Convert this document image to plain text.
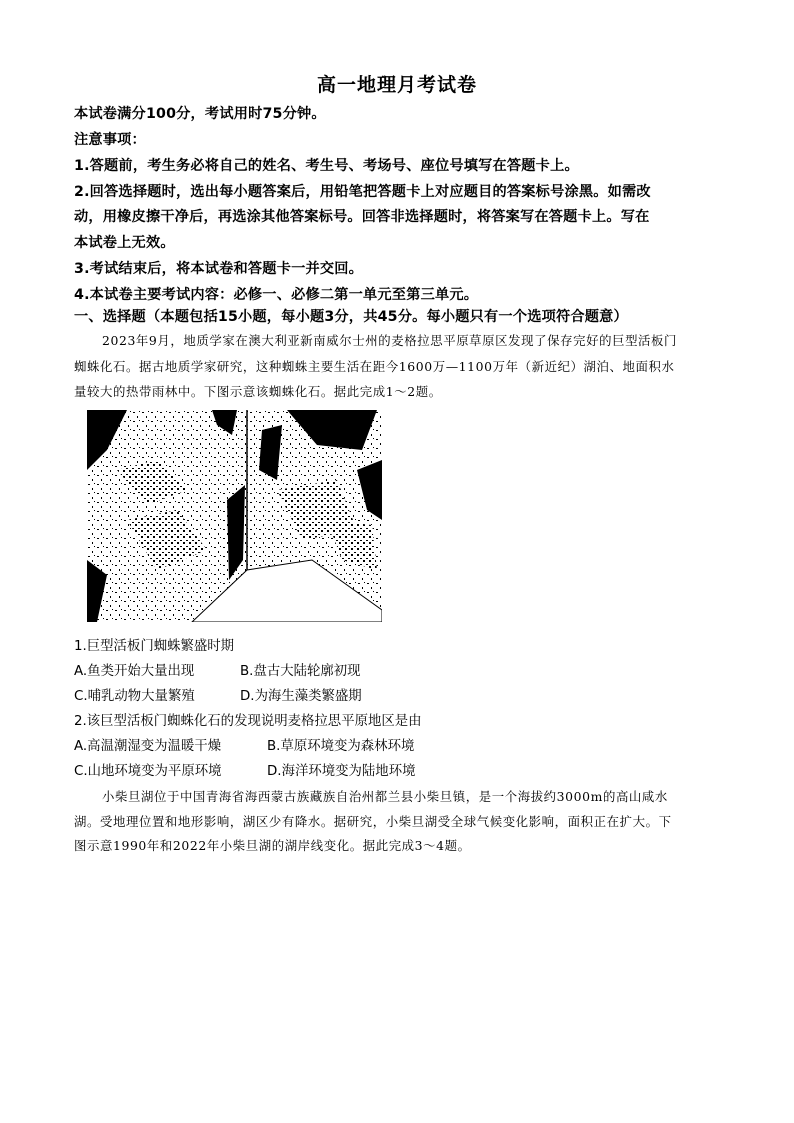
高一地理月考试卷
本试卷满分100分，考试用时75分钟。
注意事项：
1.答题前，考生务必将自己的姓名、考生号、考场号、座位号填写在答题卡上。
2.回答选择题时，选出每小题答案后，用铅笔把答题卡上对应题目的答案标号涂黑。如需改
动，用橡皮擦干净后，再选涂其他答案标号。回答非选择题时，将答案写在答题卡上。写在
本试卷上无效。
3.考试结束后，将本试卷和答题卡一并交回。
4.本试卷主要考试内容：必修一、必修二第一单元至第三单元。
一、选择题（本题包括15小题，每小题3分，共45分。每小题只有一个选项符合题意）
2023年9月，地质学家在澳大利亚新南威尔士州的麦格拉思平原草原区发现了保存完好的巨型活板门
蜘蛛化石。据古地质学家研究，这种蜘蛛主要生活在距今1600万—1100万年（新近纪）湖泊、地面积水
量较大的热带雨林中。下图示意该蜘蛛化石。据此完成1～2题。
1.巨型活板门蜘蛛繁盛时期
A.鱼类开始大量出现	B.盘古大陆轮廓初现
C.哺乳动物大量繁殖	D.为海生藻类繁盛期
2.该巨型活板门蜘蛛化石的发现说明麦格拉思平原地区是由
A.高温潮湿变为温暖干燥	B.草原环境变为森林环境
C.山地环境变为平原环境	D.海洋环境变为陆地环境
小柴旦湖位于中国青海省海西蒙古族藏族自治州都兰县小柴旦镇，是一个海拔约3000m的高山咸水
湖。受地理位置和地形影响，湖区少有降水。据研究，小柴旦湖受全球气候变化影响，面积正在扩大。下
图示意1990年和2022年小柴旦湖的湖岸线变化。据此完成3～4题。
